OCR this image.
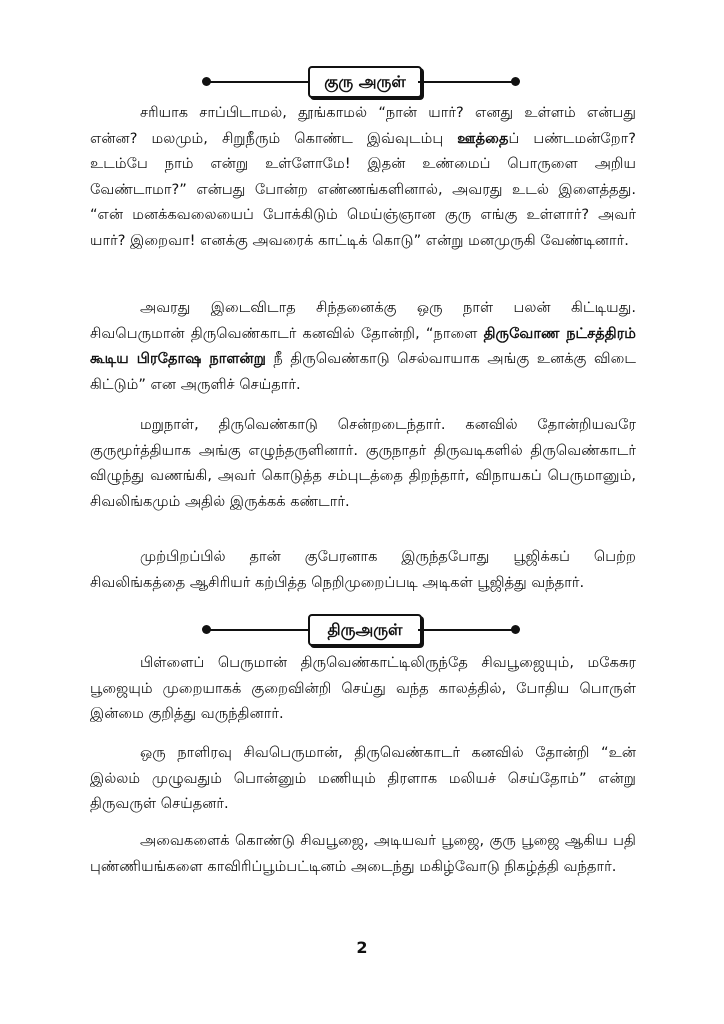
குரு அருள்

சரியாக சாப்பிடாமல், தூங்காமல் “நான் யார்? எனது உள்ளம் என்பது என்ன? மலமும், சிறுநீரும் கொண்ட இவ்வுடம்பு ஊத்தைப் பண்டமன்றோ? உடம்பே நாம் என்று உள்ளோமே! இதன் உண்மைப் பொருளை அறிய வேண்டாமா?” என்பது போன்ற எண்ணங்களினால், அவரது உடல் இளைத்தது. “என் மனக்கவலையைப் போக்கிடும் மெய்ஞ்ஞான குரு எங்கு உள்ளார்? அவர் யார்? இறைவா! எனக்கு அவரைக் காட்டிக் கொடு” என்று மனமுருகி வேண்டினார்.

அவரது இடைவிடாத சிந்தனைக்கு ஒரு நாள் பலன் கிட்டியது. சிவபெருமான் திருவெண்காடர் கனவில் தோன்றி, “நாளை திருவோண நட்சத்திரம் கூடிய பிரதோஷ நாளன்று நீ திருவெண்காடு செல்வாயாக அங்கு உனக்கு விடை கிட்டும்” என அருளிச் செய்தார்.

மறுநாள், திருவெண்காடு சென்றடைந்தார். கனவில் தோன்றியவரே குருமூர்த்தியாக அங்கு எழுந்தருளினார். குருநாதர் திருவடிகளில் திருவெண்காடர் விழுந்து வணங்கி, அவர் கொடுத்த சம்புடத்தை திறந்தார், விநாயகப் பெருமானும், சிவலிங்கமும் அதில் இருக்கக் கண்டார்.

முற்பிறப்பில் தான் குபேரனாக இருந்தபோது பூஜிக்கப் பெற்ற சிவலிங்கத்தை ஆசிரியர் கற்பித்த நெறிமுறைப்படி அடிகள் பூஜித்து வந்தார்.

திருஅருள்

பிள்ளைப் பெருமான் திருவெண்காட்டிலிருந்தே சிவபூஜையும், மகேசுர பூஜையும் முறையாகக் குறைவின்றி செய்து வந்த காலத்தில், போதிய பொருள் இன்மை குறித்து வருந்தினார்.

ஒரு நாளிரவு சிவபெருமான், திருவெண்காடர் கனவில் தோன்றி “உன் இல்லம் முழுவதும் பொன்னும் மணியும் திரளாக மலியச் செய்தோம்” என்று திருவருள் செய்தனர்.

அவைகளைக் கொண்டு சிவபூஜை, அடியவர் பூஜை, குரு பூஜை ஆகிய பதி புண்ணியங்களை காவிரிப்பூம்பட்டினம் அடைந்து மகிழ்வோடு நிகழ்த்தி வந்தார்.

2
